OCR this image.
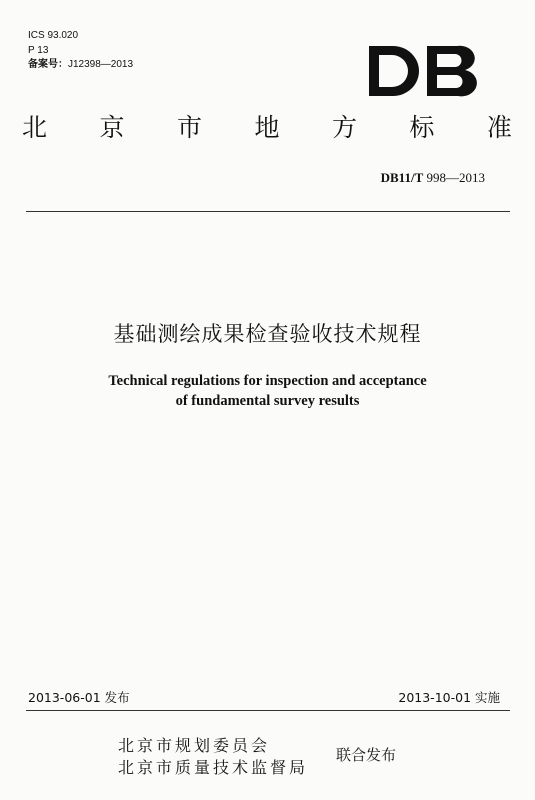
ICS 93.020
P 13
备案号：J12398—2013
北 京 市 地 方 标 准
DB11/T 998—2013
基础测绘成果检查验收技术规程
Technical regulations for inspection and acceptance
of fundamental survey results
2013-06-01 发布	2013-10-01 实施
北京市规划委员会
北京市质量技术监督局
联合发布
